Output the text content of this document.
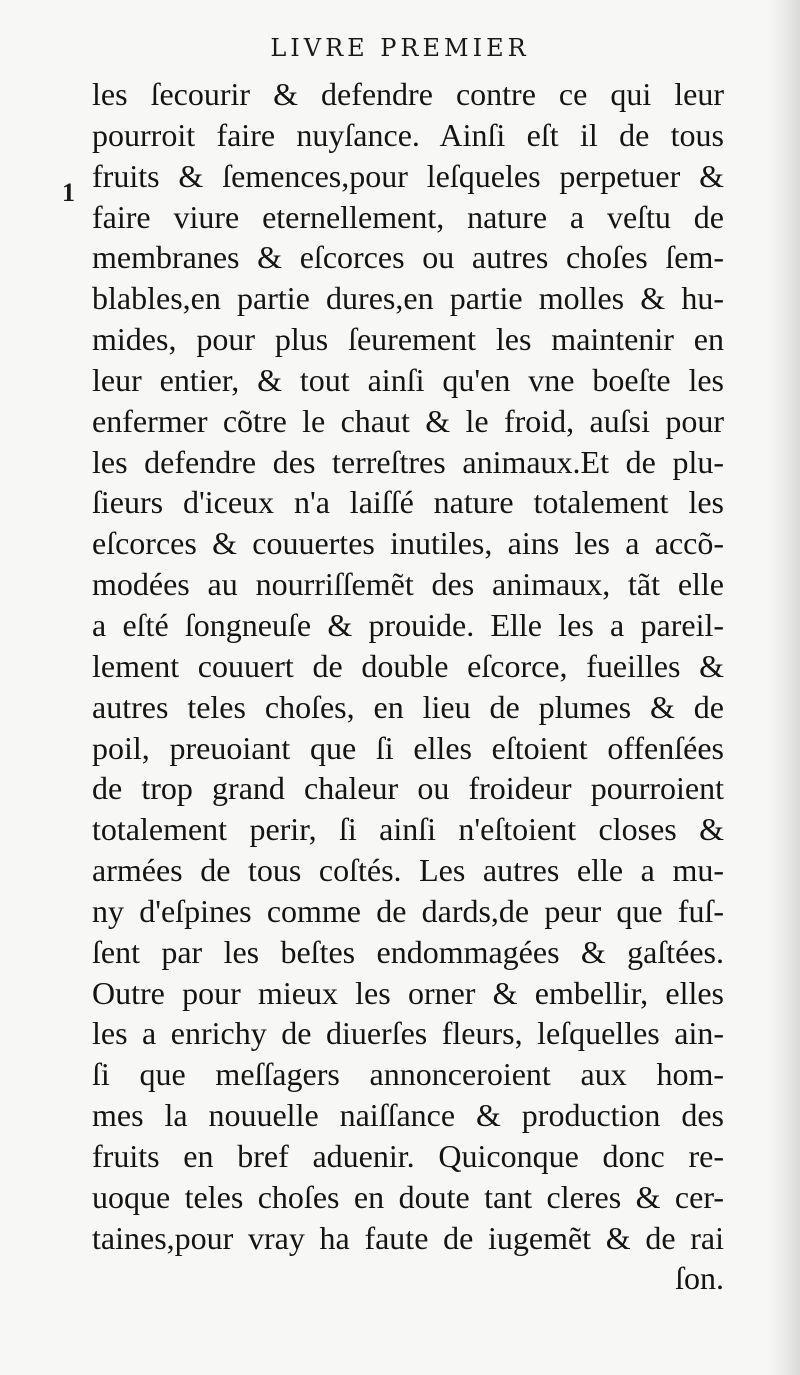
LIVRE PREMIER
1
les ſecourir & defendre contre ce qui leur
pourroit faire nuyſance. Ainſi eſt il de tous
fruits & ſemences,pour leſqueles perpetuer &
faire viure eternellement, nature a veſtu de
membranes & eſcorces ou autres choſes ſem-
blables,en partie dures,en partie molles & hu-
mides, pour plus ſeurement les maintenir en
leur entier, & tout ainſi qu'en vne boeſte les
enfermer cõtre le chaut & le froid, auſsi pour
les defendre des terreſtres animaux.Et de plu-
ſieurs d'iceux n'a laiſſé nature totalement les
eſcorces & couuertes inutiles, ains les a accõ-
modées au nourriſſemẽt des animaux, tãt elle
a eſté ſongneuſe & prouide. Elle les a pareil-
lement couuert de double eſcorce, fueilles &
autres teles choſes, en lieu de plumes & de
poil, preuoiant que ſi elles eſtoient offenſées
de trop grand chaleur ou froideur pourroient
totalement perir, ſi ainſi n'eſtoient closes &
armées de tous coſtés. Les autres elle a mu-
ny d'eſpines comme de dards,de peur que fuſ-
ſent par les beſtes endommagées & gaſtées.
Outre pour mieux les orner & embellir, elles
les a enrichy de diuerſes fleurs, leſquelles ain-
ſi que meſſagers annonceroient aux hom-
mes la nouuelle naiſſance & production des
fruits en bref aduenir. Quiconque donc re-
uoque teles choſes en doute tant cleres & cer-
taines,pour vray ha faute de iugemẽt & de rai
ſon.
